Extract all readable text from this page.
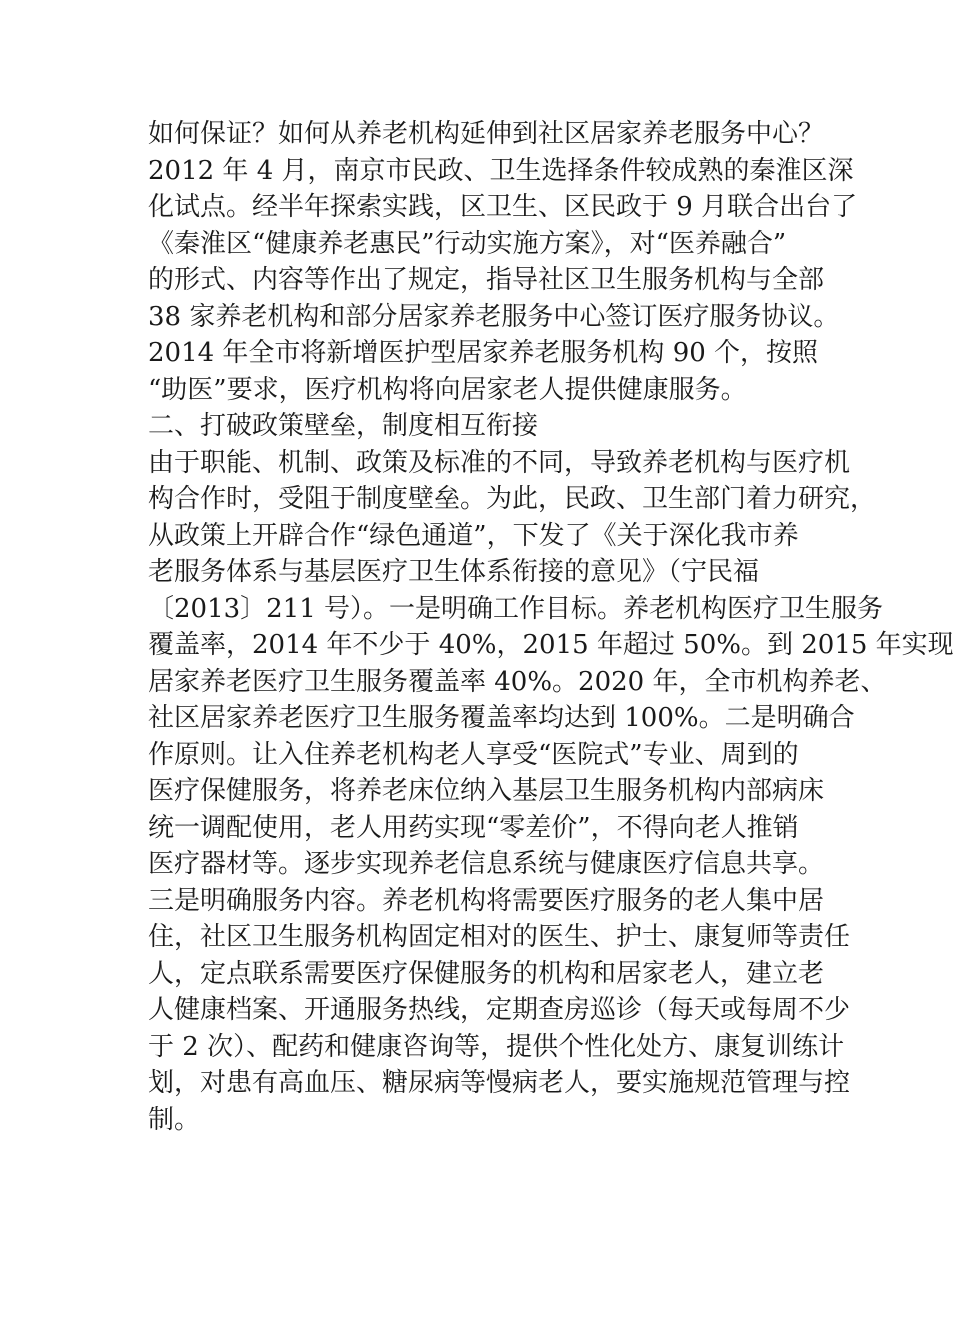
如何保证？如何从养老机构延伸到社区居家养老服务中心？
2012 年 4 月，南京市民政、卫生选择条件较成熟的秦淮区深
化试点。经半年探索实践，区卫生、区民政于 9 月联合出台了
《秦淮区“健康养老惠民”行动实施方案》，对“医养融合”
的形式、内容等作出了规定，指导社区卫生服务机构与全部
38 家养老机构和部分居家养老服务中心签订医疗服务协议。
2014 年全市将新增医护型居家养老服务机构 90 个，按照
“助医”要求，医疗机构将向居家老人提供健康服务。
二、打破政策壁垒，制度相互衔接
由于职能、机制、政策及标准的不同，导致养老机构与医疗机
构合作时，受阻于制度壁垒。为此，民政、卫生部门着力研究，
从政策上开辟合作“绿色通道”，下发了《关于深化我市养
老服务体系与基层医疗卫生体系衔接的意见》（宁民福
〔2013〕211 号）。一是明确工作目标。养老机构医疗卫生服务
覆盖率，2014 年不少于 40%，2015 年超过 50%。到 2015 年实现
居家养老医疗卫生服务覆盖率 40%。2020 年，全市机构养老、
社区居家养老医疗卫生服务覆盖率均达到 100%。二是明确合
作原则。让入住养老机构老人享受“医院式”专业、周到的
医疗保健服务，将养老床位纳入基层卫生服务机构内部病床
统一调配使用，老人用药实现“零差价”，不得向老人推销
医疗器材等。逐步实现养老信息系统与健康医疗信息共享。
三是明确服务内容。养老机构将需要医疗服务的老人集中居
住，社区卫生服务机构固定相对的医生、护士、康复师等责任
人，定点联系需要医疗保健服务的机构和居家老人，建立老
人健康档案、开通服务热线，定期查房巡诊（每天或每周不少
于 2 次）、配药和健康咨询等，提供个性化处方、康复训练计
划，对患有高血压、糖尿病等慢病老人，要实施规范管理与控
制。
